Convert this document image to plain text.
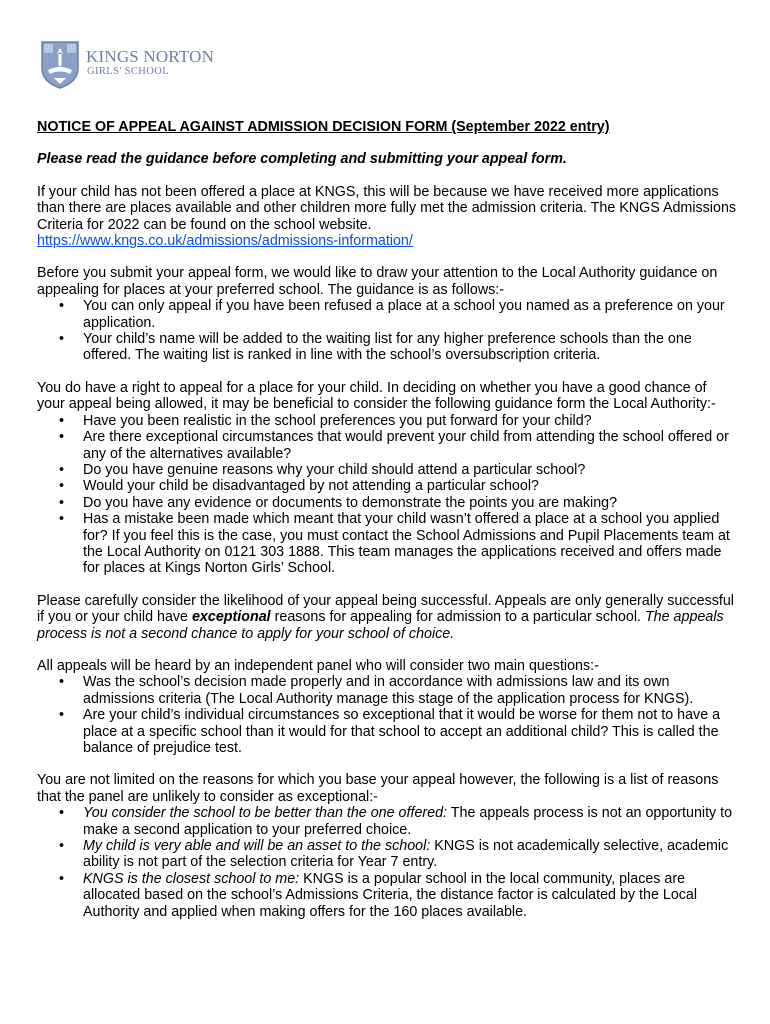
KINGS NORTON
GIRLS' SCHOOL

NOTICE OF APPEAL AGAINST ADMISSION DECISION FORM (September 2022 entry)

Please read the guidance before completing and submitting your appeal form.

If your child has not been offered a place at KNGS, this will be because we have received more applications than there are places available and other children more fully met the admission criteria. The KNGS Admissions Criteria for 2022 can be found on the school website.

https://www.kngs.co.uk/admissions/admissions-information/

Before you submit your appeal form, we would like to draw your attention to the Local Authority guidance on appealing for places at your preferred school. The guidance is as follows:-

• You can only appeal if you have been refused a place at a school you named as a preference on your application.
• Your child’s name will be added to the waiting list for any higher preference schools than the one offered. The waiting list is ranked in line with the school’s oversubscription criteria.

You do have a right to appeal for a place for your child. In deciding on whether you have a good chance of your appeal being allowed, it may be beneficial to consider the following guidance form the Local Authority:-

• Have you been realistic in the school preferences you put forward for your child?
• Are there exceptional circumstances that would prevent your child from attending the school offered or any of the alternatives available?
• Do you have genuine reasons why your child should attend a particular school?
• Would your child be disadvantaged by not attending a particular school?
• Do you have any evidence or documents to demonstrate the points you are making?
• Has a mistake been made which meant that your child wasn’t offered a place at a school you applied for? If you feel this is the case, you must contact the School Admissions and Pupil Placements team at the Local Authority on 0121 303 1888. This team manages the applications received and offers made for places at Kings Norton Girls’ School.

Please carefully consider the likelihood of your appeal being successful. Appeals are only generally successful if you or your child have exceptional reasons for appealing for admission to a particular school. The appeals process is not a second chance to apply for your school of choice.

All appeals will be heard by an independent panel who will consider two main questions:-

• Was the school’s decision made properly and in accordance with admissions law and its own admissions criteria (The Local Authority manage this stage of the application process for KNGS).
• Are your child’s individual circumstances so exceptional that it would be worse for them not to have a place at a specific school than it would for that school to accept an additional child? This is called the balance of prejudice test.

You are not limited on the reasons for which you base your appeal however, the following is a list of reasons that the panel are unlikely to consider as exceptional:-

• You consider the school to be better than the one offered: The appeals process is not an opportunity to make a second application to your preferred choice.
• My child is very able and will be an asset to the school: KNGS is not academically selective, academic ability is not part of the selection criteria for Year 7 entry.
• KNGS is the closest school to me: KNGS is a popular school in the local community, places are allocated based on the school’s Admissions Criteria, the distance factor is calculated by the Local Authority and applied when making offers for the 160 places available.
